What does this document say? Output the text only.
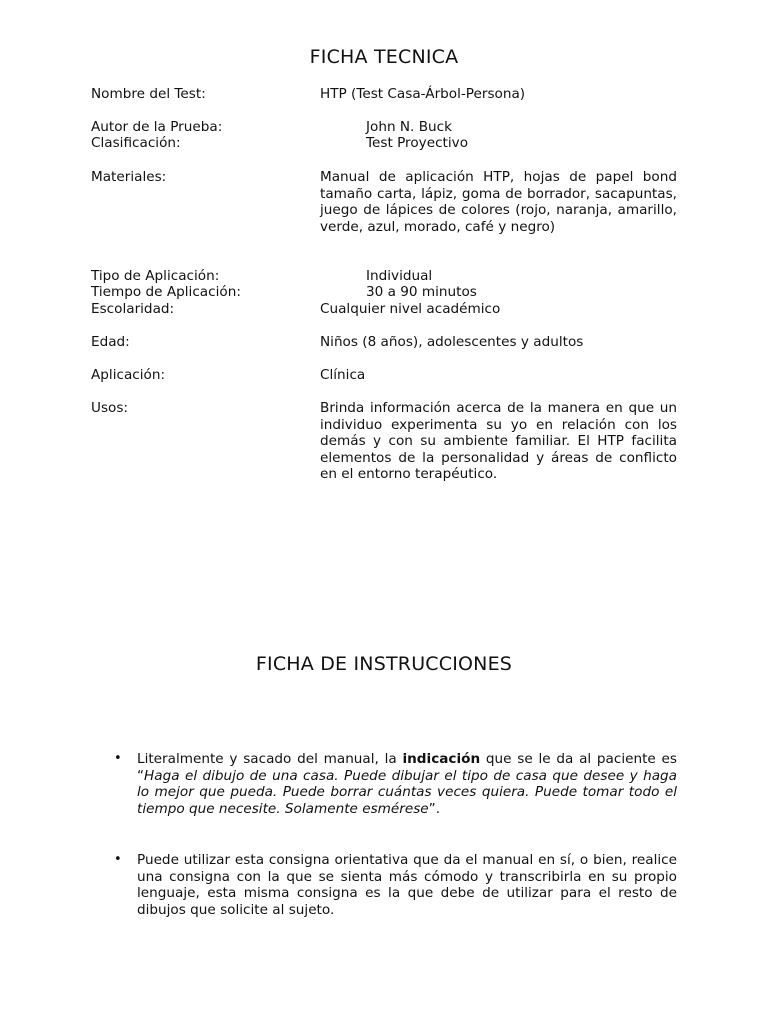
FICHA TECNICA
Nombre del Test:	HTP (Test Casa-Árbol-Persona)
Autor de la Prueba:	John N. Buck
Clasificación:	Test Proyectivo
Materiales:	Manual de aplicación HTP, hojas de papel bond tamaño carta, lápiz, goma de borrador, sacapuntas, juego de lápices de colores (rojo, naranja, amarillo, verde, azul, morado, café y negro)
Tipo de Aplicación:	Individual
Tiempo de Aplicación:	30 a 90 minutos
Escolaridad:	Cualquier nivel académico
Edad:	Niños (8 años), adolescentes y adultos
Aplicación:	Clínica
Usos:	Brinda información acerca de la manera en que un individuo experimenta su yo en relación con los demás y con su ambiente familiar. El HTP facilita elementos de la personalidad y áreas de conflicto en el entorno terapéutico.
FICHA DE INSTRUCCIONES
• Literalmente y sacado del manual, la indicación que se le da al paciente es “Haga el dibujo de una casa. Puede dibujar el tipo de casa que desee y haga lo mejor que pueda. Puede borrar cuántas veces quiera. Puede tomar todo el tiempo que necesite. Solamente esmérese”.
• Puede utilizar esta consigna orientativa que da el manual en sí, o bien, realice una consigna con la que se sienta más cómodo y transcribirla en su propio lenguaje, esta misma consigna es la que debe de utilizar para el resto de dibujos que solicite al sujeto.
